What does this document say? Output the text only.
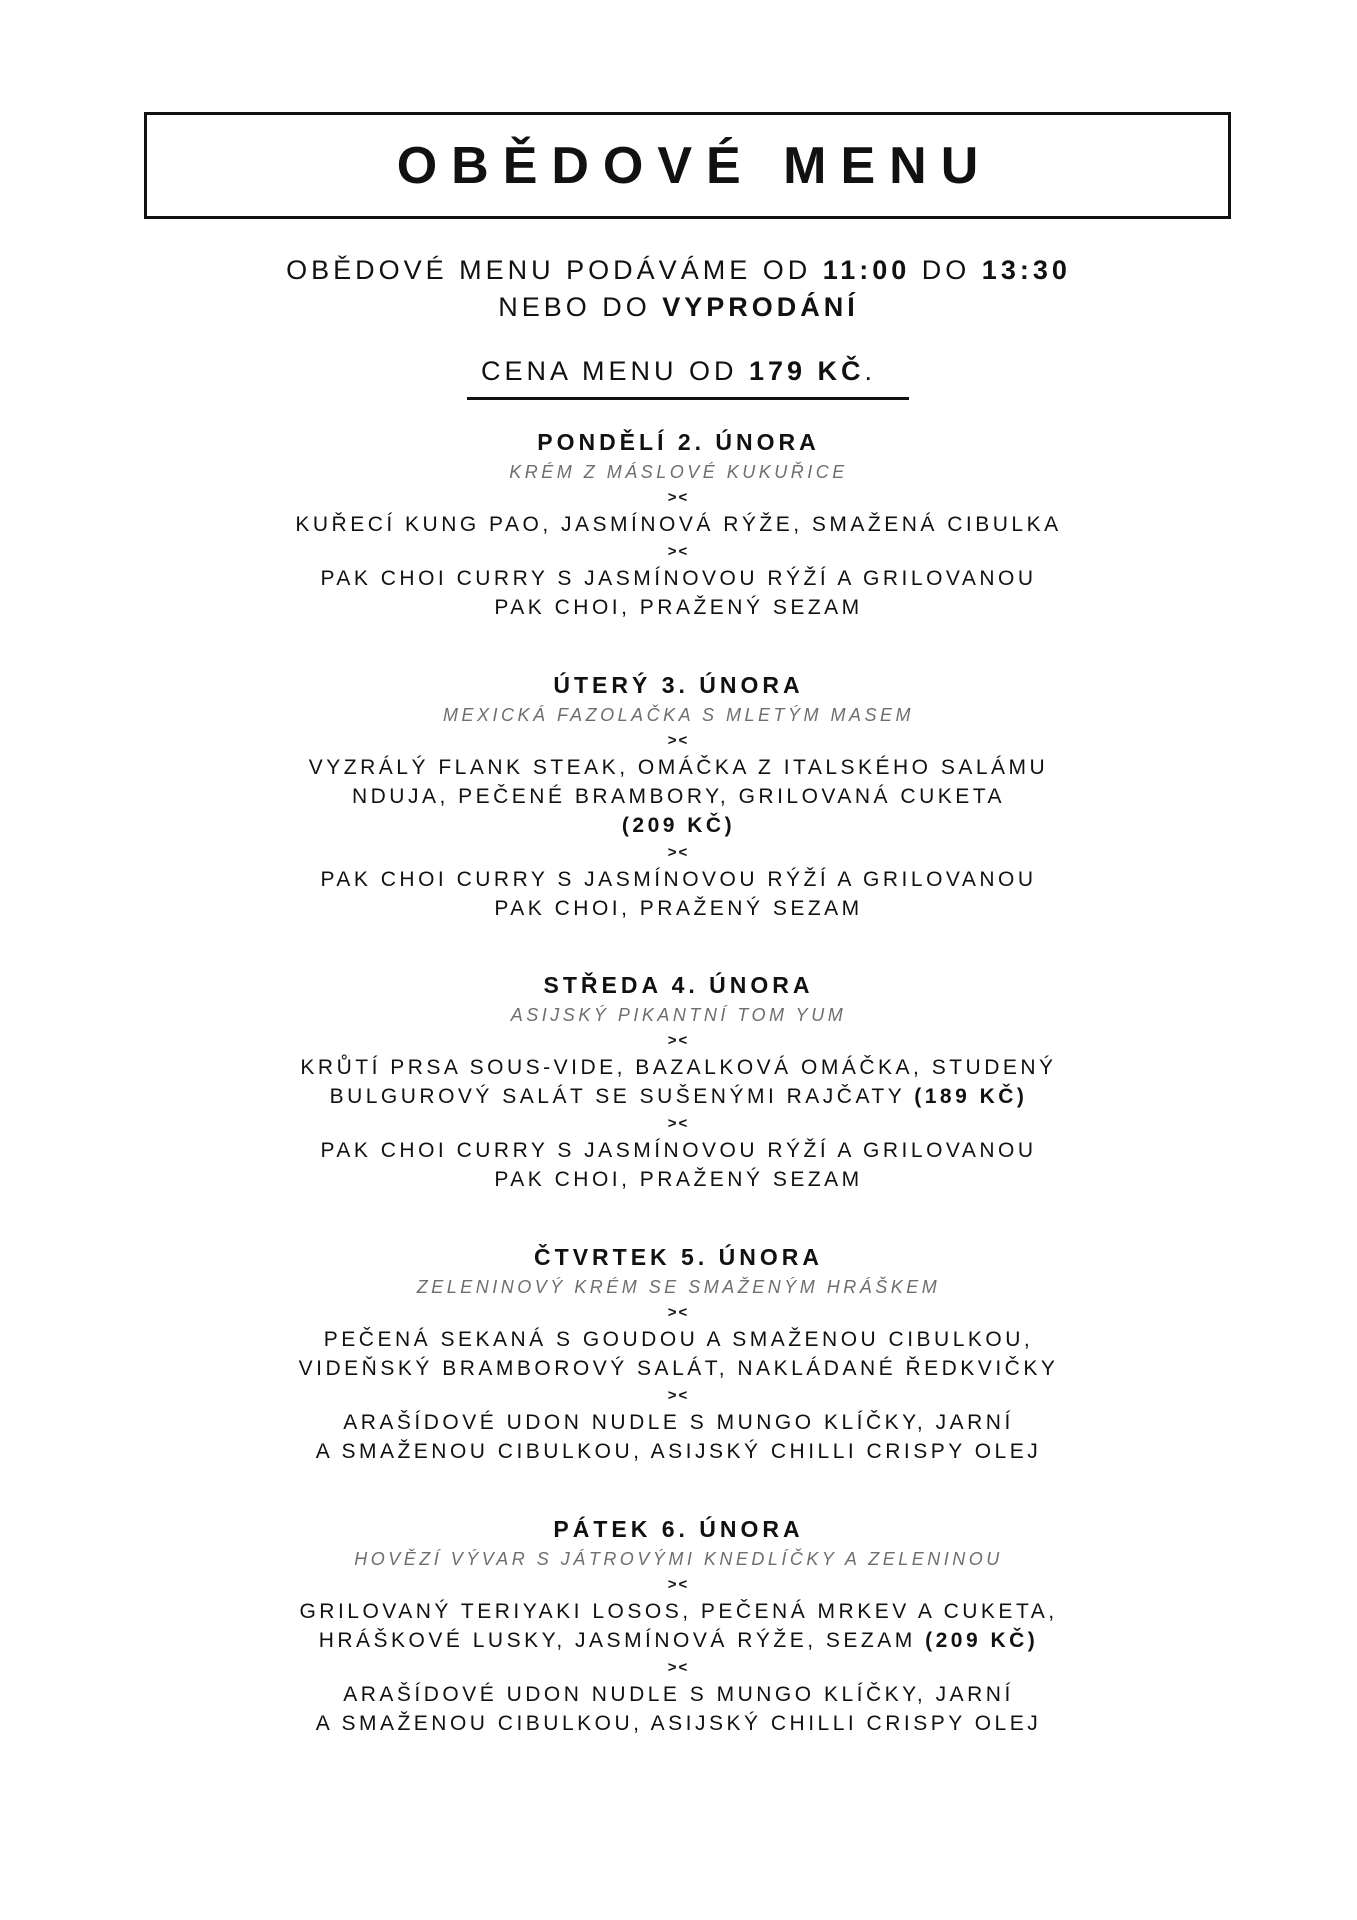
OBĚDOVÉ MENU
OBĚDOVÉ MENU PODÁVÁME OD 11:00 DO 13:30
NEBO DO VYPRODÁNÍ
CENA MENU OD 179 KČ.
PONDĚLÍ 2. ÚNORA
KRÉM Z MÁSLOVÉ KUKUŘICE
><
KUŘECÍ KUNG PAO, JASMÍNOVÁ RÝŽE, SMAŽENÁ CIBULKA
><
PAK CHOI CURRY S JASMÍNOVOU RÝŽÍ A GRILOVANOU
PAK CHOI, PRAŽENÝ SEZAM
ÚTERÝ 3. ÚNORA
MEXICKÁ FAZOLAČKA S MLETÝM MASEM
><
VYZRÁLÝ FLANK STEAK, OMÁČKA Z ITALSKÉHO SALÁMU
NDUJA, PEČENÉ BRAMBORY, GRILOVANÁ CUKETA
(209 KČ)
><
PAK CHOI CURRY S JASMÍNOVOU RÝŽÍ A GRILOVANOU
PAK CHOI, PRAŽENÝ SEZAM
STŘEDA 4. ÚNORA
ASIJSKÝ PIKANTNÍ TOM YUM
><
KRŮTÍ PRSA SOUS-VIDE, BAZALKOVÁ OMÁČKA, STUDENÝ
BULGUROVÝ SALÁT SE SUŠENÝMI RAJČATY (189 KČ)
><
PAK CHOI CURRY S JASMÍNOVOU RÝŽÍ A GRILOVANOU
PAK CHOI, PRAŽENÝ SEZAM
ČTVRTEK 5. ÚNORA
ZELENINOVÝ KRÉM SE SMAŽENÝM HRÁŠKEM
><
PEČENÁ SEKANÁ S GOUDOU A SMAŽENOU CIBULKOU,
VIDEŇSKÝ BRAMBOROVÝ SALÁT, NAKLÁDANÉ ŘEDKVIČKY
><
ARAŠÍDOVÉ UDON NUDLE S MUNGO KLÍČKY, JARNÍ
A SMAŽENOU CIBULKOU, ASIJSKÝ CHILLI CRISPY OLEJ
PÁTEK 6. ÚNORA
HOVĚZÍ VÝVAR S JÁTROVÝMI KNEDLÍČKY A ZELENINOU
><
GRILOVANÝ TERIYAKI LOSOS, PEČENÁ MRKEV A CUKETA,
HRÁŠKOVÉ LUSKY, JASMÍNOVÁ RÝŽE, SEZAM (209 KČ)
><
ARAŠÍDOVÉ UDON NUDLE S MUNGO KLÍČKY, JARNÍ
A SMAŽENOU CIBULKOU, ASIJSKÝ CHILLI CRISPY OLEJ
